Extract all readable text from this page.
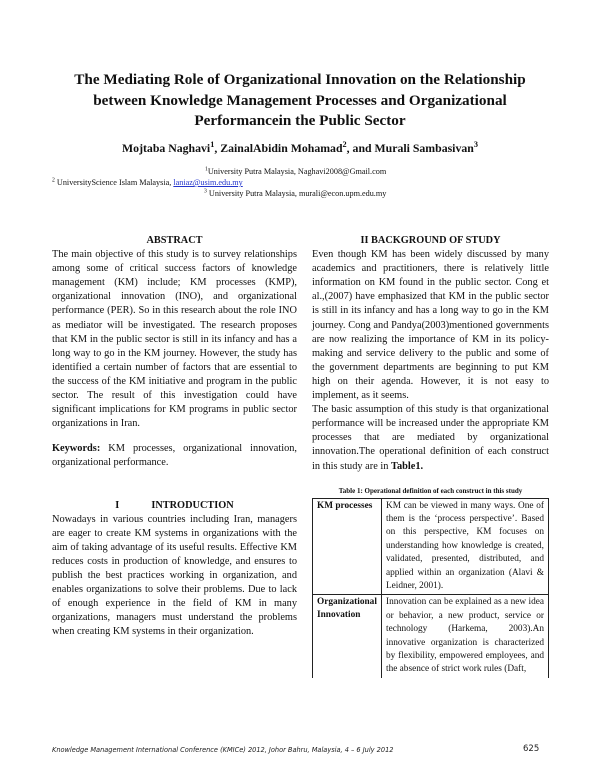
The Mediating Role of Organizational Innovation on the Relationship between Knowledge Management Processes and Organizational Performancein the Public Sector

Mojtaba Naghavi$^1$, ZainalAbidin Mohamad$^2$, and Murali Sambasivan$^3$

$^1$University Putra Malaysia, Naghavi2008@Gmail.com
$^2$ UniversityScience Islam Malaysia, laniaz@usim.edu.my
$^3$ University Putra Malaysia, murali@econ.upm.edu.my

ABSTRACT

The main objective of this study is to survey relationships among some of critical success factors of knowledge management (KM) include; KM processes (KMP), organizational innovation (INO), and organizational performance (PER). So in this research about the role INO as mediator will be investigated. The research proposes that KM in the public sector is still in its infancy and has a long way to go in the KM journey. However, the study has identified a certain number of factors that are essential to the success of the KM initiative and program in the public sector. The result of this investigation could have significant implications for KM programs in public sector organizations in Iran.

Keywords: KM processes, organizational innovation, organizational performance.

I	INTRODUCTION

Nowadays in various countries including Iran, managers are eager to create KM systems in organizations with the aim of taking advantage of its useful results. Effective KM reduces costs in production of knowledge, and ensures to publish the best practices working in organization, and enables organizations to solve their problems. Due to lack of enough experience in the field of KM in many organizations, managers must understand the problems when creating KM systems in their organization.

II BACKGROUND OF STUDY

Even though KM has been widely discussed by many academics and practitioners, there is relatively little information on KM found in the public sector. Cong et al.,(2007) have emphasized that KM in the public sector is still in its infancy and has a long way to go in the KM journey. Cong and Pandya(2003)mentioned governments are now realizing the importance of KM in its policy-making and service delivery to the public and some of the government departments are beginning to put KM high on their agenda. However, it is not easy to implement, as it seems.

The basic assumption of this study is that organizational performance will be increased under the appropriate KM processes that are mediated by organizational innovation.The operational definition of each construct in this study are in Table1.

Table 1: Operational definition of each construct in this study

KM processes	KM can be viewed in many ways. One of them is the ‘process perspective’. Based on this perspective, KM focuses on understanding how knowledge is created, validated, presented, distributed, and applied within an organization (Alavi & Leidner, 2001).
Organizational Innovation	Innovation can be explained as a new idea or behavior, a new product, service or technology (Harkema, 2003).An innovative organization is characterized by flexibility, empowered employees, and the absence of strict work rules (Daft,
Knowledge Management International Conference (KMICe) 2012, Johor Bahru, Malaysia, 4 – 6 July 2012	625
